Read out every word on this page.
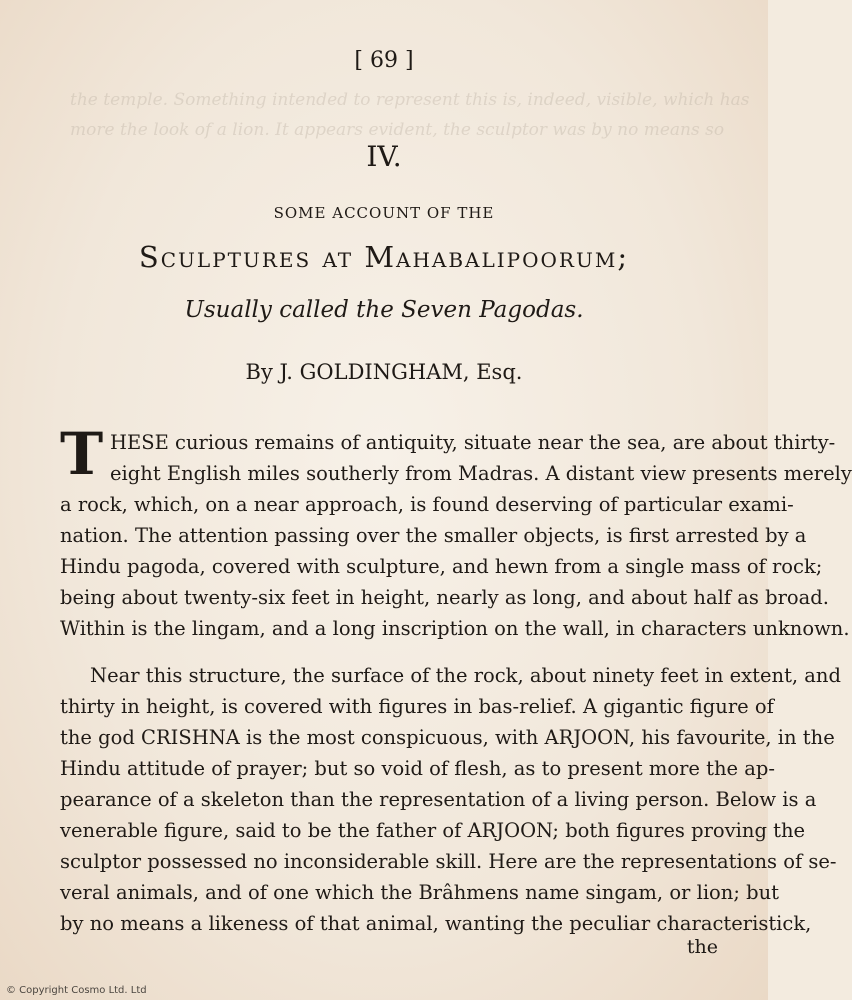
the temple. Something intended to represent this is, indeed, visible, which has
more the look of a lion. It appears evident, the sculptor was by no means so
[ 69 ]
IV.
SOME ACCOUNT OF THE
Sculptures at Mahabalipoorum;
Usually called the Seven Pagodas.
By J. GOLDINGHAM, Esq.
T HESE curious remains of antiquity, situate near the sea, are about thirty-
eight English miles southerly from Madras. A distant view presents merely
a rock, which, on a near approach, is found deserving of particular exami-
nation. The attention passing over the smaller objects, is first arrested by a
Hindu pagoda, covered with sculpture, and hewn from a single mass of rock;
being about twenty-six feet in height, nearly as long, and about half as broad.
Within is the lingam, and a long inscription on the wall, in characters unknown.
Near this structure, the surface of the rock, about ninety feet in extent, and
thirty in height, is covered with figures in bas-relief. A gigantic figure of
the god CRISHNA is the most conspicuous, with ARJOON, his favourite, in the
Hindu attitude of prayer; but so void of flesh, as to present more the ap-
pearance of a skeleton than the representation of a living person. Below is a
venerable figure, said to be the father of ARJOON; both figures proving the
sculptor possessed no inconsiderable skill. Here are the representations of se-
veral animals, and of one which the Brâhmens name singam, or lion; but
by no means a likeness of that animal, wanting the peculiar characteristick,
the
© Copyright Cosmo Ltd. Ltd
